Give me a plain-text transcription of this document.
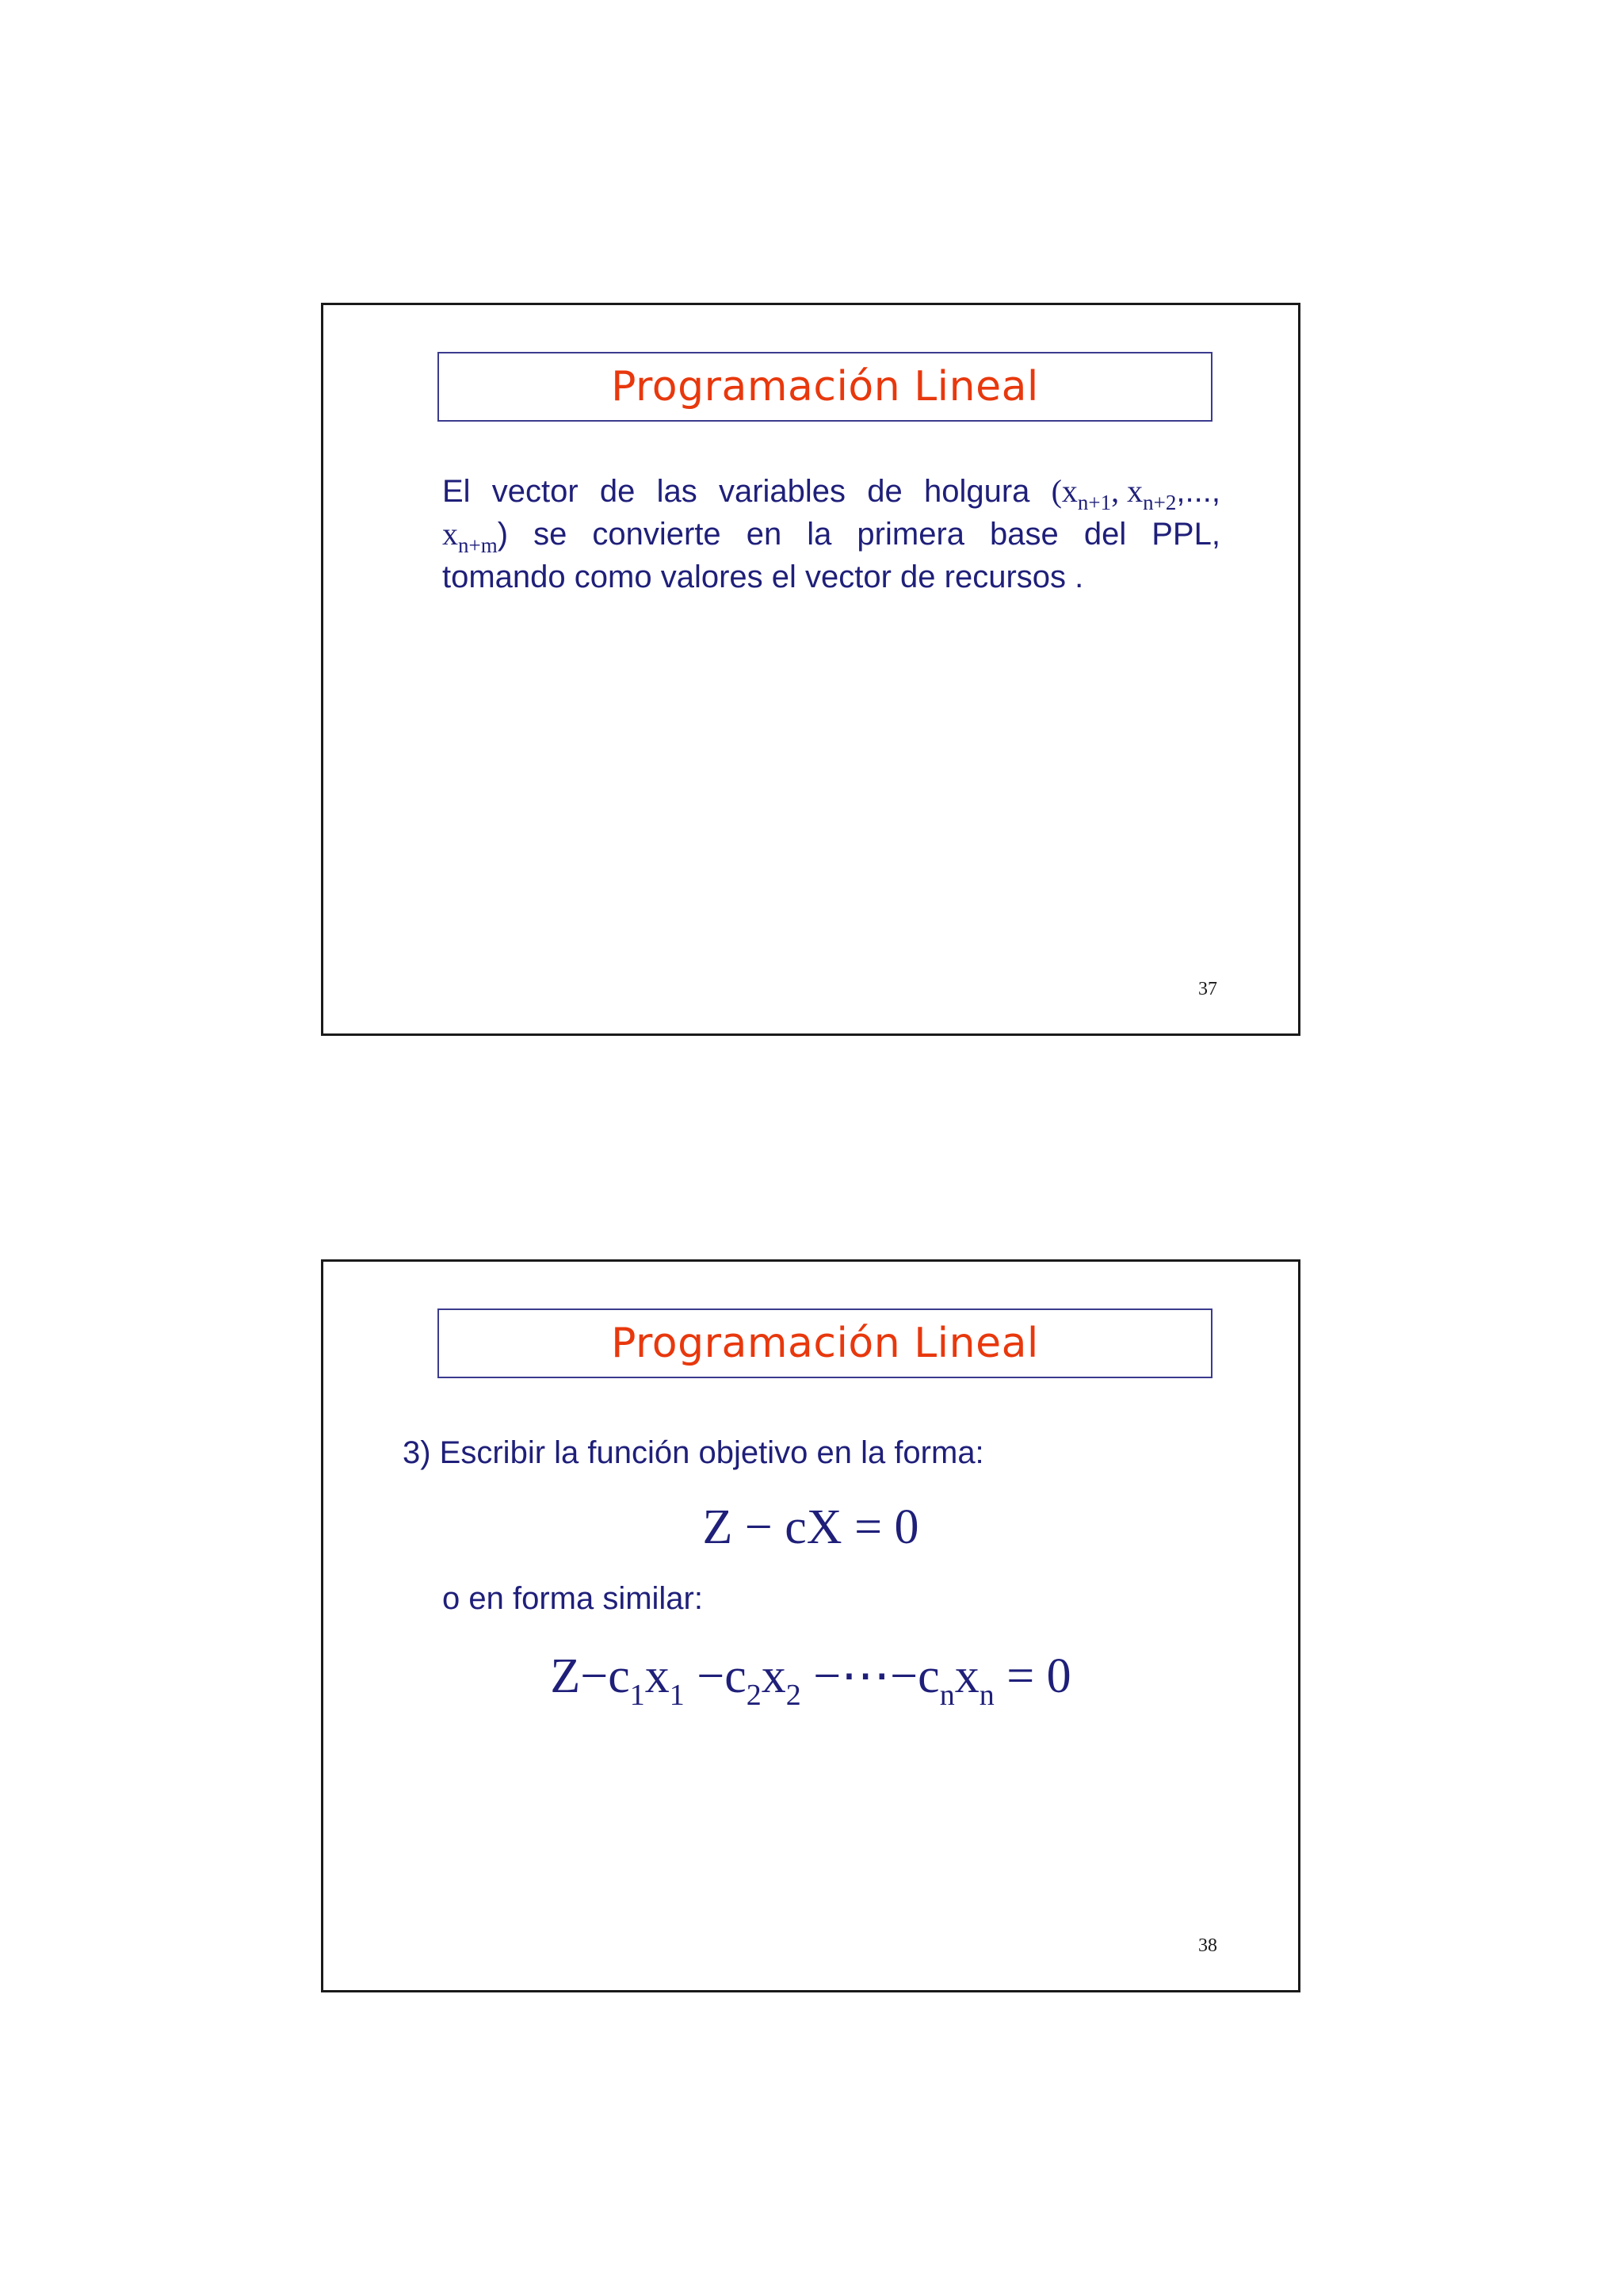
Programación Lineal
El vector de las variables de holgura ($x_{n+1}$, $x_{n+2}$,...,
$x_{n+m}$) se convierte en la primera base del PPL,
tomando como valores el vector de recursos .
37
Programación Lineal
3) Escribir la función objetivo en la forma:
Z − cX = 0
o en forma similar:
$Z-c_1x_1 -c_2x_2$ $-\cdots-c_nx_n = 0$
38
